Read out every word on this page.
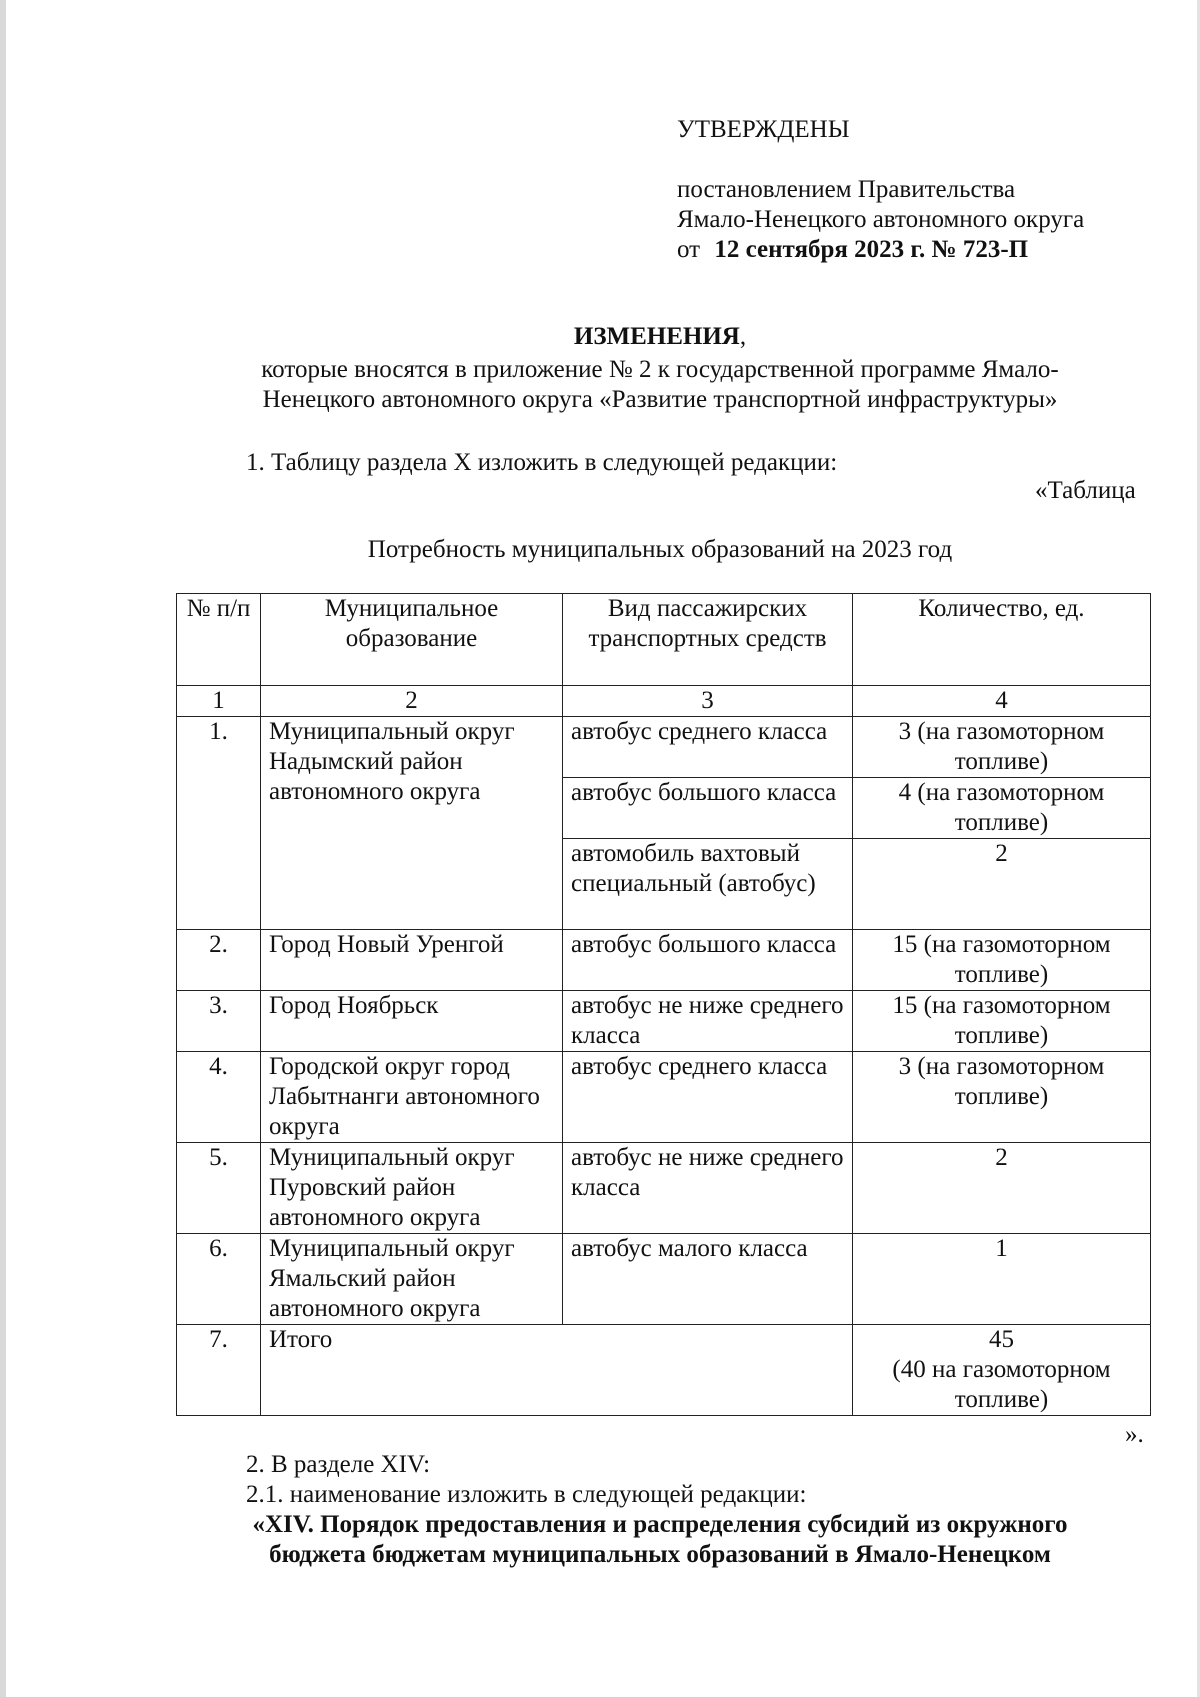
УТВЕРЖДЕНЫ
постановлением Правительства
Ямало-Ненецкого автономного округа
от 12 сентября 2023 г. № 723-П
ИЗМЕНЕНИЯ,
которые вносятся в приложение № 2 к государственной программе Ямало-
Ненецкого автономного округа «Развитие транспортной инфраструктуры»
1. Таблицу раздела X изложить в следующей редакции:
«Таблица
Потребность муниципальных образований на 2023 год
№ п/п	Муниципальное образование	Вид пассажирских транспортных средств	Количество, ед.
1	2	3	4
1.	Муниципальный округ Надымский район автономного округа	автобус среднего класса	3 (на газомоторном топливе)
		автобус большого класса	4 (на газомоторном топливе)
		автомобиль вахтовый специальный (автобус)	2
2.	Город Новый Уренгой	автобус большого класса	15 (на газомоторном топливе)
3.	Город Ноябрьск	автобус не ниже среднего класса	15 (на газомоторном топливе)
4.	Городской округ город Лабытнанги автономного округа	автобус среднего класса	3 (на газомоторном топливе)
5.	Муниципальный округ Пуровский район автономного округа	автобус не ниже среднего класса	2
6.	Муниципальный округ Ямальский район автономного округа	автобус малого класса	1
7.	Итого		45
(40 на газомоторном
топливе)
».
2. В разделе XIV:
2.1. наименование изложить в следующей редакции:
«XIV. Порядок предоставления и распределения субсидий из окружного
бюджета бюджетам муниципальных образований в Ямало-Ненецком
